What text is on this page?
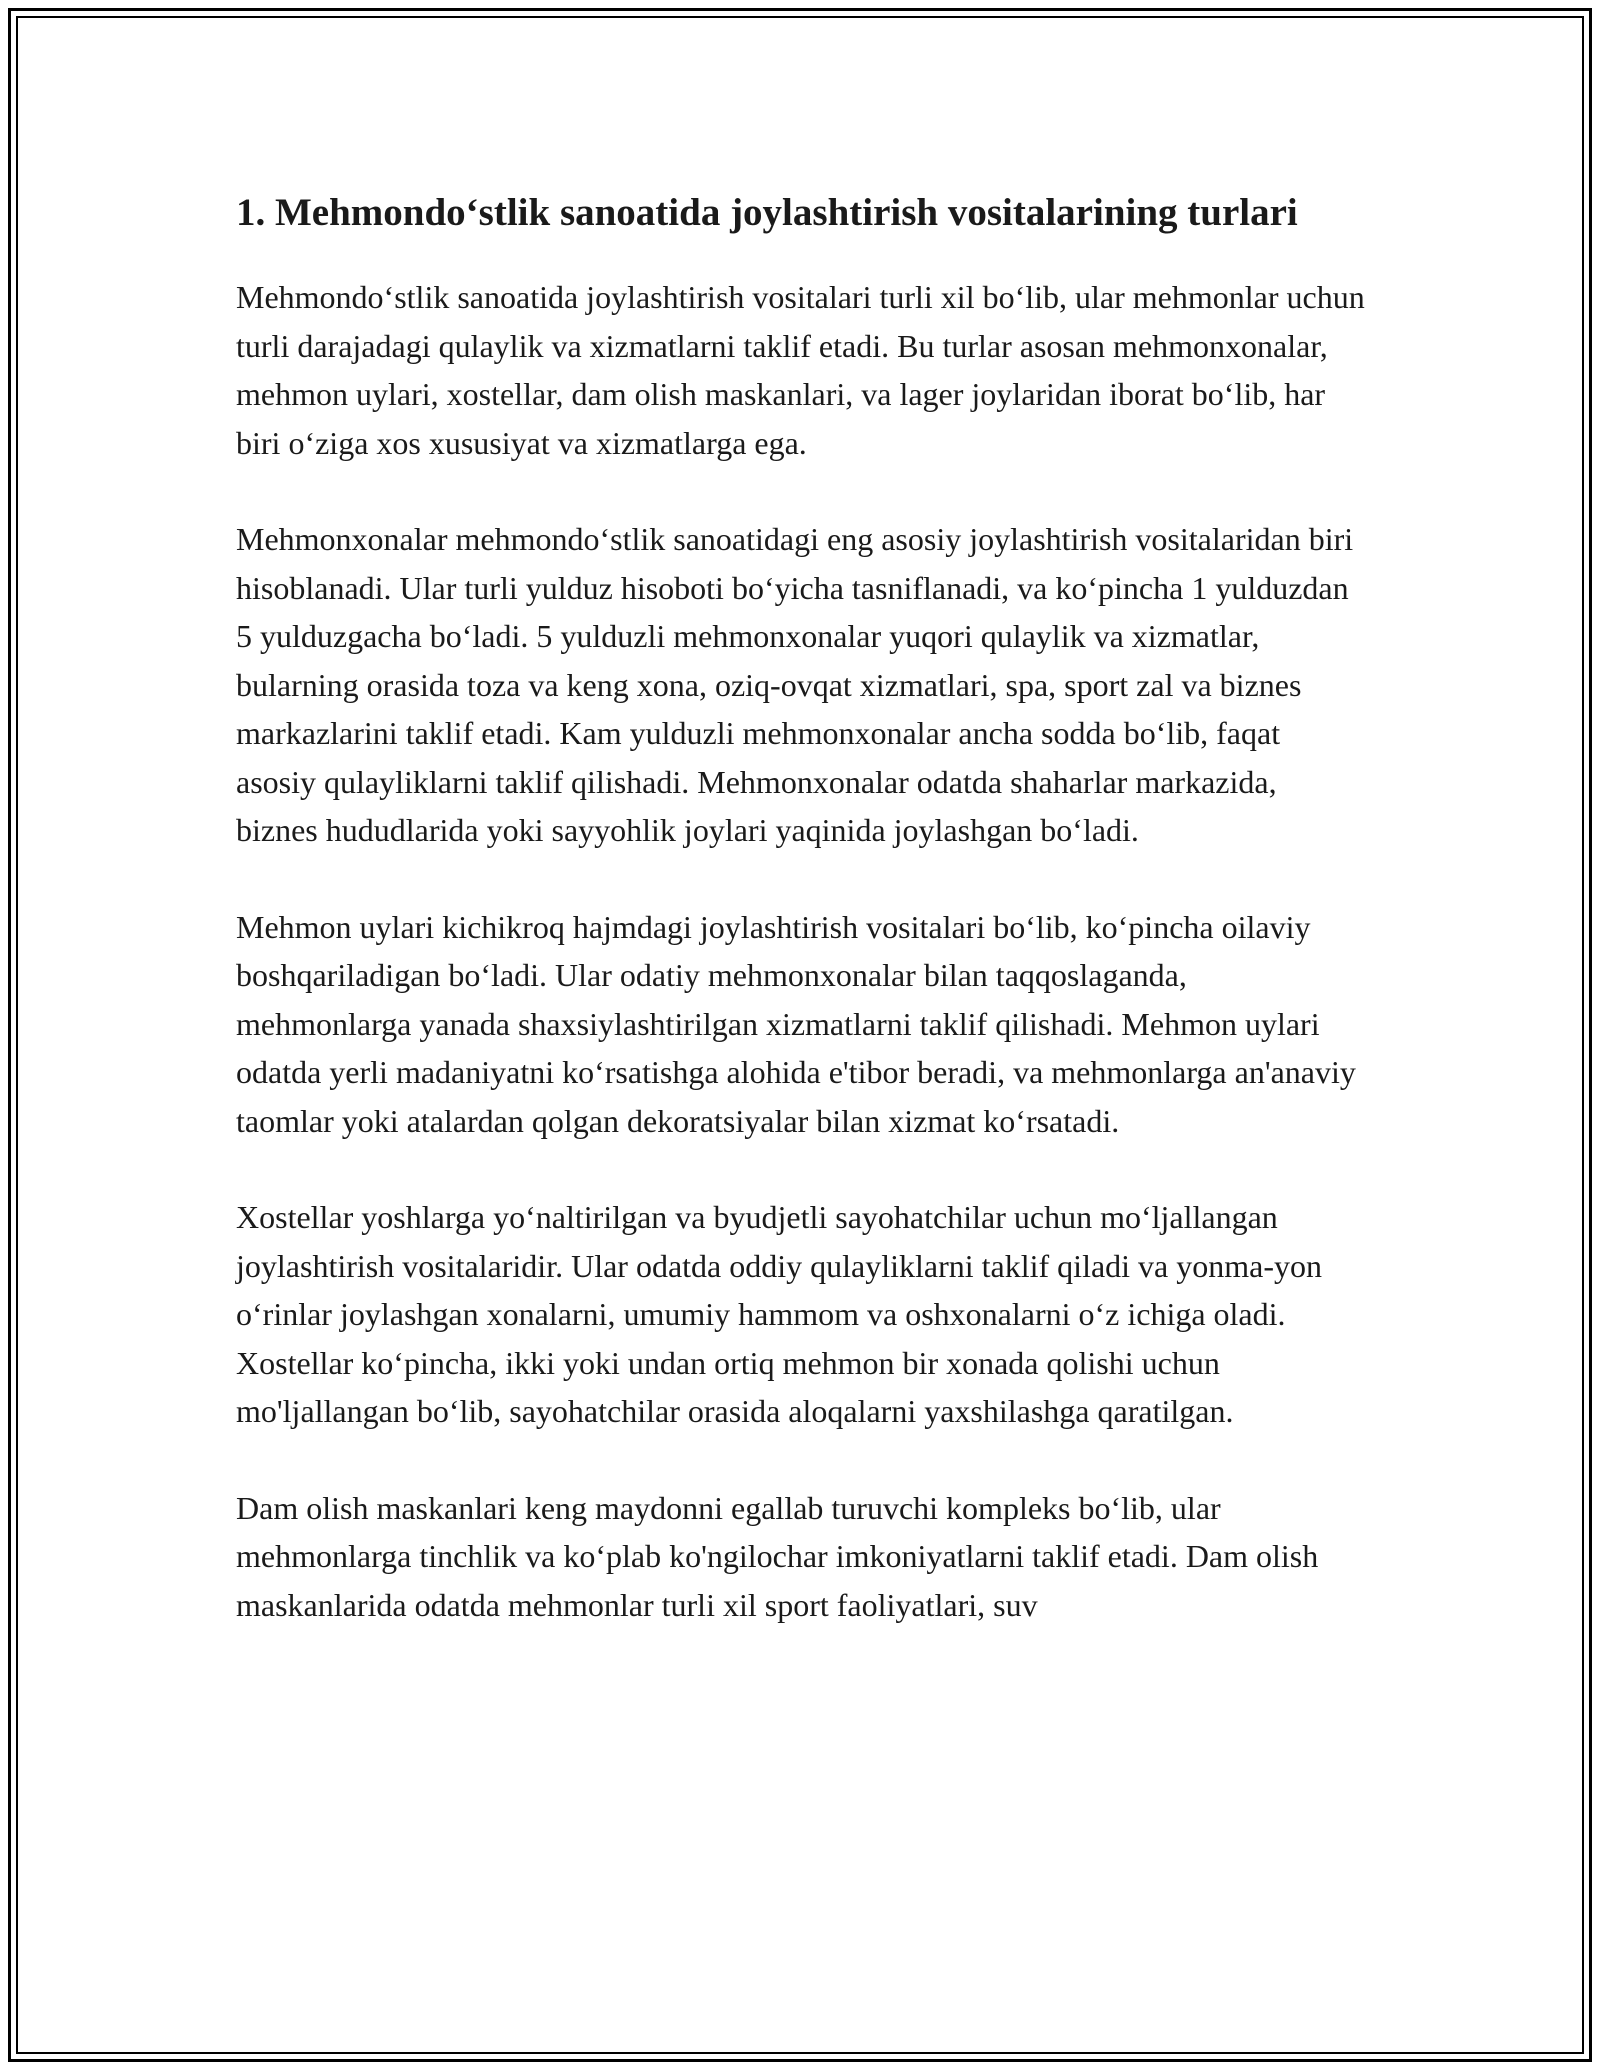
1. Mehmondo‘stlik sanoatida joylashtirish vositalarining turlari

Mehmondo‘stlik sanoatida joylashtirish vositalari turli xil bo‘lib, ular mehmonlar uchun turli darajadagi qulaylik va xizmatlarni taklif etadi. Bu turlar asosan mehmonxonalar, mehmon uylari, xostellar, dam olish maskanlari, va lager joylaridan iborat bo‘lib, har biri o‘ziga xos xususiyat va xizmatlarga ega.

Mehmonxonalar mehmondo‘stlik sanoatidagi eng asosiy joylashtirish vositalaridan biri hisoblanadi. Ular turli yulduz hisoboti bo‘yicha tasniflanadi, va ko‘pincha 1 yulduzdan 5 yulduzgacha bo‘ladi. 5 yulduzli mehmonxonalar yuqori qulaylik va xizmatlar, bularning orasida toza va keng xona, oziq-ovqat xizmatlari, spa, sport zal va biznes markazlarini taklif etadi. Kam yulduzli mehmonxonalar ancha sodda bo‘lib, faqat asosiy qulayliklarni taklif qilishadi. Mehmonxonalar odatda shaharlar markazida, biznes hududlarida yoki sayyohlik joylari yaqinida joylashgan bo‘ladi.

Mehmon uylari kichikroq hajmdagi joylashtirish vositalari bo‘lib, ko‘pincha oilaviy boshqariladigan bo‘ladi. Ular odatiy mehmonxonalar bilan taqqoslaganda, mehmonlarga yanada shaxsiylashtirilgan xizmatlarni taklif qilishadi. Mehmon uylari odatda yerli madaniyatni ko‘rsatishga alohida e'tibor beradi, va mehmonlarga an'anaviy taomlar yoki atalardan qolgan dekoratsiyalar bilan xizmat ko‘rsatadi.

Xostellar yoshlarga yo‘naltirilgan va byudjetli sayohatchilar uchun mo‘ljallangan joylashtirish vositalaridir. Ular odatda oddiy qulayliklarni taklif qiladi va yonma-yon o‘rinlar joylashgan xonalarni, umumiy hammom va oshxonalarni o‘z ichiga oladi. Xostellar ko‘pincha, ikki yoki undan ortiq mehmon bir xonada qolishi uchun mo'ljallangan bo‘lib, sayohatchilar orasida aloqalarni yaxshilashga qaratilgan.

Dam olish maskanlari keng maydonni egallab turuvchi kompleks bo‘lib, ular mehmonlarga tinchlik va ko‘plab ko'ngilochar imkoniyatlarni taklif etadi. Dam olish maskanlarida odatda mehmonlar turli xil sport faoliyatlari, suv
